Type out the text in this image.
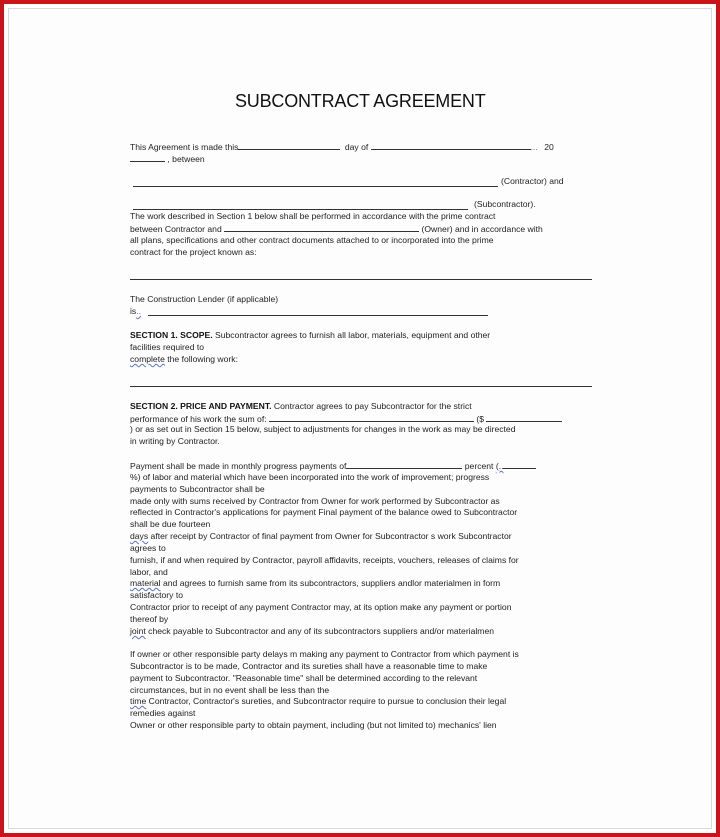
SUBCONTRACT AGREEMENT
This Agreement is made this	day of	... 20
, between
(Contractor) and
(Subcontractor).
The work described in Section 1 below shall be performed in accordance with the prime contract
between Contractor and	(Owner) and in accordance with
all plans, specifications and other contract documents attached to or incorporated into the prime
contract for the project known as:
The Construction Lender (if applicable)
is..
SECTION 1. SCOPE. Subcontractor agrees to furnish all labor, materials, equipment and other
facilities required to
complete the following work:
SECTION 2. PRICE AND PAYMENT. Contractor agrees to pay Subcontractor for the strict
performance of his work the sum of:	($
) or as set out in Section 15 below, subject to adjustments for changes in the work as may be directed
in writing by Contractor.
Payment shall be made in monthly progress payments of	percent (..
%) of labor and material which have been incorporated into the work of improvement; progress
payments to Subcontractor shall be
made only with sums received by Contractor from Owner for work performed by Subcontractor as
reflected in Contractor's applications for payment Final payment of the balance owed to Subcontractor
shall be due fourteen
days after receipt by Contractor of final payment from Owner for Subcontractor s work Subcontractor
agrees to
furnish, if and when required by Contractor, payroll affidavits, receipts, vouchers, releases of claims for
labor, and
material and agrees to furnish same from its subcontractors, suppliers andlor materialmen in form
satisfactory to
Contractor prior to receipt of any payment Contractor may, at its option make any payment or portion
thereof by
joint check payable to Subcontractor and any of its subcontractors suppliers and/or materialmen
If owner or other responsible party delays m making any payment to Contractor from which payment is
Subcontractor is to be made, Contractor and its sureties shall have a reasonable time to make
payment to Subcontractor. "Reasonable time" shall be determined according to the relevant
circumstances, but in no event shall be less than the
time Contractor, Contractor's sureties, and Subcontractor require to pursue to conclusion their legal
remedies against
Owner or other responsible party to obtain payment, including (but not limited to) mechanics' lien
